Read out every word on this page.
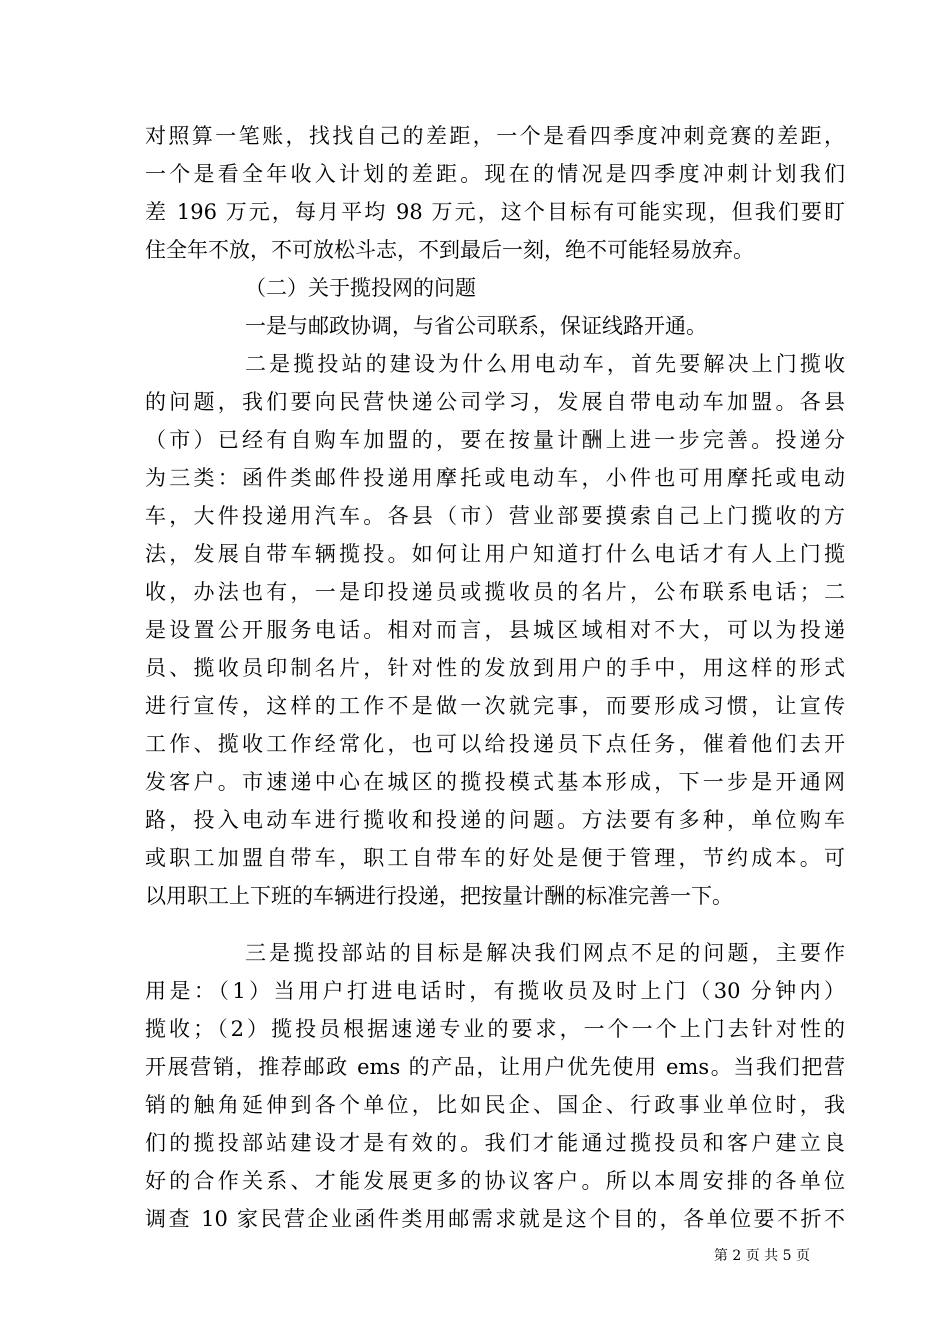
对照算一笔账，找找自己的差距，一个是看四季度冲刺竞赛的差距，
一个是看全年收入计划的差距。现在的情况是四季度冲刺计划我们
差 196 万元，每月平均 98 万元，这个目标有可能实现，但我们要盯
住全年不放，不可放松斗志，不到最后一刻，绝不可能轻易放弃。
（二）关于揽投网的问题
一是与邮政协调，与省公司联系，保证线路开通。
二是揽投站的建设为什么用电动车，首先要解决上门揽收
的问题，我们要向民营快递公司学习，发展自带电动车加盟。各县
（市）已经有自购车加盟的，要在按量计酬上进一步完善。投递分
为三类：函件类邮件投递用摩托或电动车，小件也可用摩托或电动
车，大件投递用汽车。各县（市）营业部要摸索自己上门揽收的方
法，发展自带车辆揽投。如何让用户知道打什么电话才有人上门揽
收，办法也有，一是印投递员或揽收员的名片，公布联系电话；二
是设置公开服务电话。相对而言，县城区域相对不大，可以为投递
员、揽收员印制名片，针对性的发放到用户的手中，用这样的形式
进行宣传，这样的工作不是做一次就完事，而要形成习惯，让宣传
工作、揽收工作经常化，也可以给投递员下点任务，催着他们去开
发客户。市速递中心在城区的揽投模式基本形成，下一步是开通网
路，投入电动车进行揽收和投递的问题。方法要有多种，单位购车
或职工加盟自带车，职工自带车的好处是便于管理，节约成本。可
以用职工上下班的车辆进行投递，把按量计酬的标准完善一下。
三是揽投部站的目标是解决我们网点不足的问题，主要作
用是：（1）当用户打进电话时，有揽收员及时上门（30 分钟内）
揽收；（2）揽投员根据速递专业的要求，一个一个上门去针对性的
开展营销，推荐邮政 ems 的产品，让用户优先使用 ems。当我们把营
销的触角延伸到各个单位，比如民企、国企、行政事业单位时，我
们的揽投部站建设才是有效的。我们才能通过揽投员和客户建立良
好的合作关系、才能发展更多的协议客户。所以本周安排的各单位
调查 10 家民营企业函件类用邮需求就是这个目的，各单位要不折不
第 2 页 共 5 页
